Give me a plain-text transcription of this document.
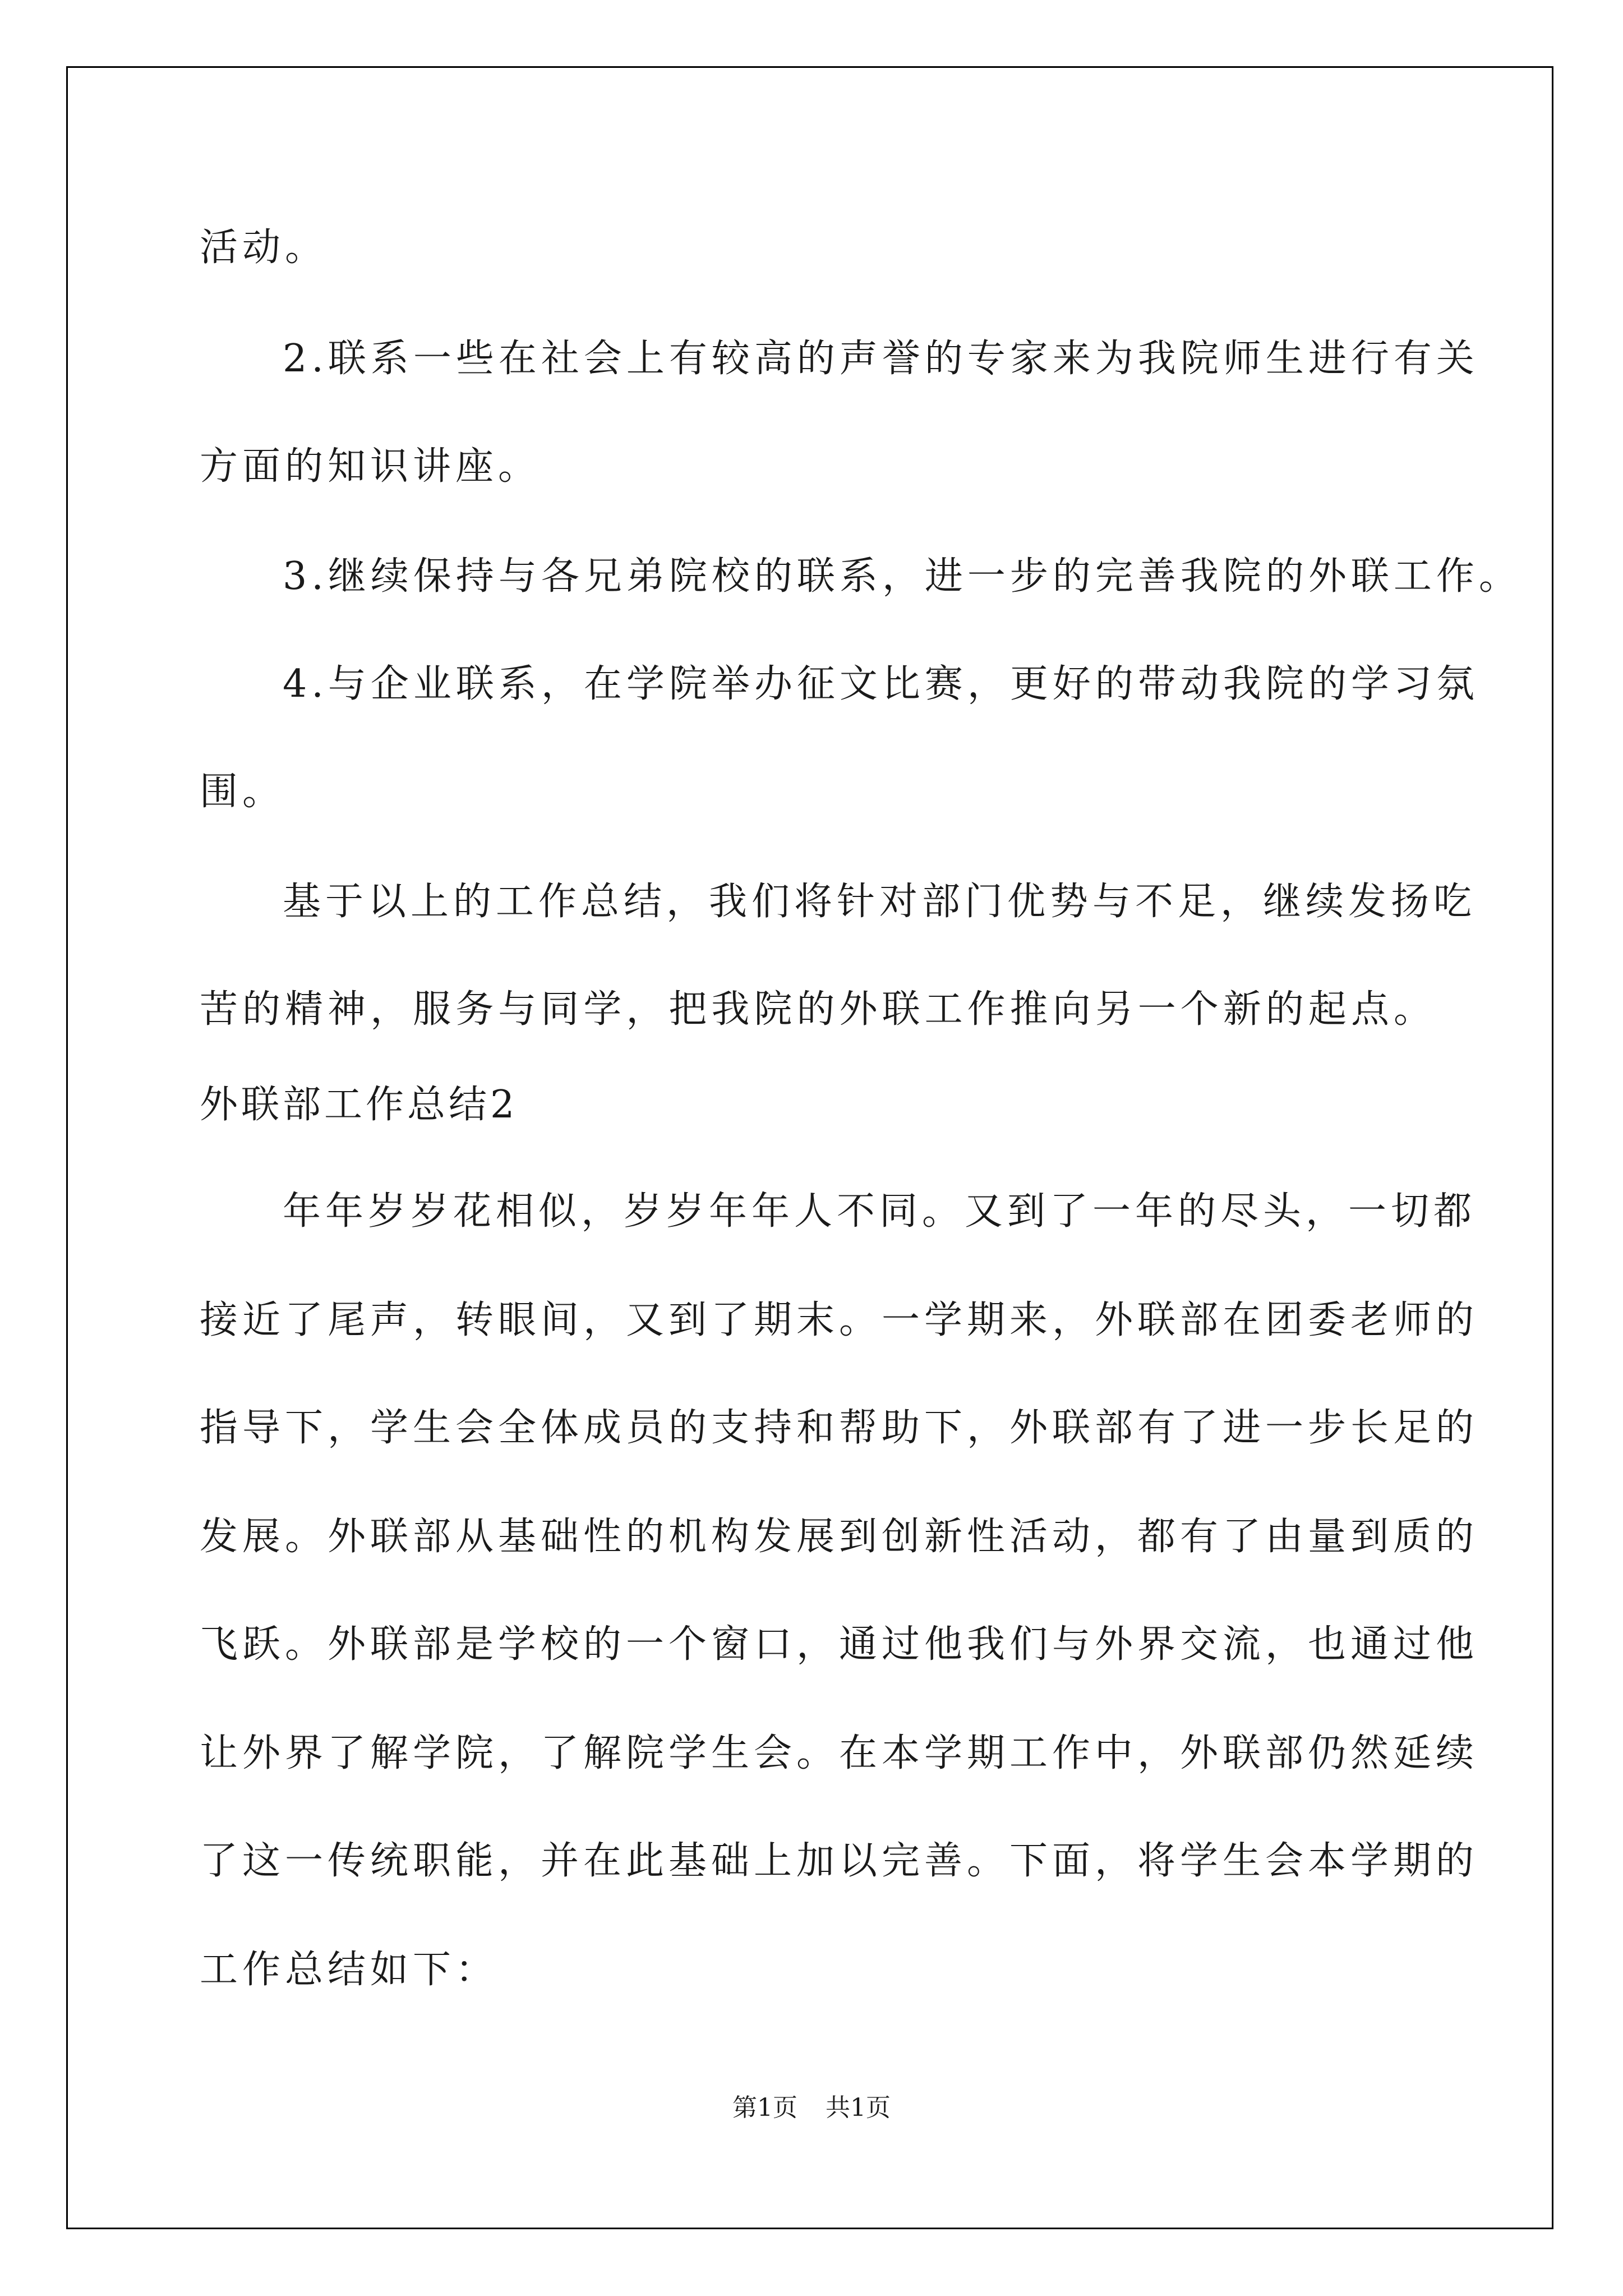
活动。
2.联系一些在社会上有较高的声誉的专家来为我院师生进行有关
方面的知识讲座。
3.继续保持与各兄弟院校的联系，进一步的完善我院的外联工作。
4.与企业联系，在学院举办征文比赛，更好的带动我院的学习氛
围。
基于以上的工作总结，我们将针对部门优势与不足，继续发扬吃
苦的精神，服务与同学，把我院的外联工作推向另一个新的起点。
外联部工作总结2
年年岁岁花相似，岁岁年年人不同。又到了一年的尽头，一切都
接近了尾声，转眼间，又到了期末。一学期来，外联部在团委老师的
指导下，学生会全体成员的支持和帮助下，外联部有了进一步长足的
发展。外联部从基础性的机构发展到创新性活动，都有了由量到质的
飞跃。外联部是学校的一个窗口，通过他我们与外界交流，也通过他
让外界了解学院，了解院学生会。在本学期工作中，外联部仍然延续
了这一传统职能，并在此基础上加以完善。下面，将学生会本学期的
工作总结如下：
第1页 共1页
